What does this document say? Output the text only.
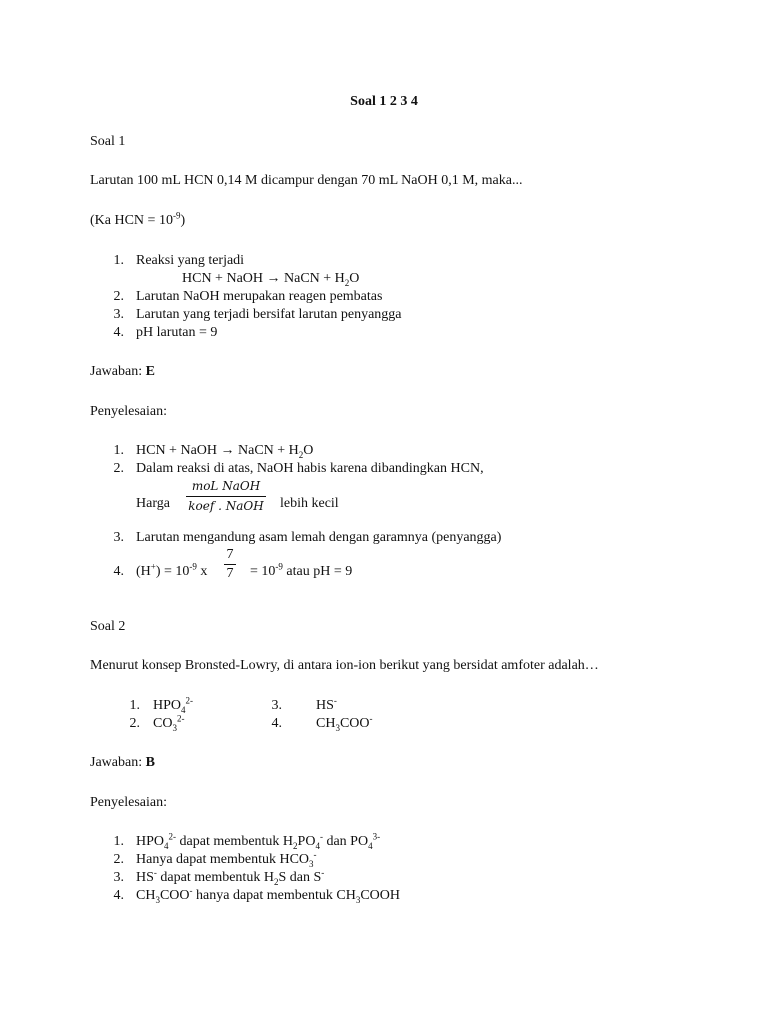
Soal 1 2 3 4
Soal 1
Larutan 100 mL HCN 0,14 M dicampur dengan 70 mL NaOH 0,1 M, maka...
(Ka HCN = $10^{-9}$)
1. Reaksi yang terjadi
HCN + NaOH → NaCN + $H_2O$
2. Larutan NaOH merupakan reagen pembatas
3. Larutan yang terjadi bersifat larutan penyangga
4. pH larutan = 9
Jawaban: E
Penyelesaian:
1. HCN + NaOH → NaCN + $H_2O$
2. Dalam reaksi di atas, NaOH habis karena dibandingkan HCN,
Harga
moL NaOH
koef . NaOH lebih kecil
3. Larutan mengandung asam lemah dengan garamnya (penyangga)
4. $(H^+) = 10^{-9}$ x
7
$7 = 10^{-9}$ atau pH = 9
Soal 2
Menurut konsep Bronsted-Lowry, di antara ion-ion berikut yang bersidat amfoter adalah…
1. $HPO_4^{2-}$	3. HS-
2. $CO_3^{2-}$	4. $CH_3COO^-$
Jawaban: B
Penyelesaian:
1. $HPO_4^{2-}$ dapat membentuk $H_2PO_4^-$ dan $PO_4^{3-}$
2. Hanya dapat membentuk $HCO_3^-$
3. HS- dapat membentuk $H_2S$ dan S-
4. $CH_3COO^-$ hanya dapat membentuk $CH_3COOH$
